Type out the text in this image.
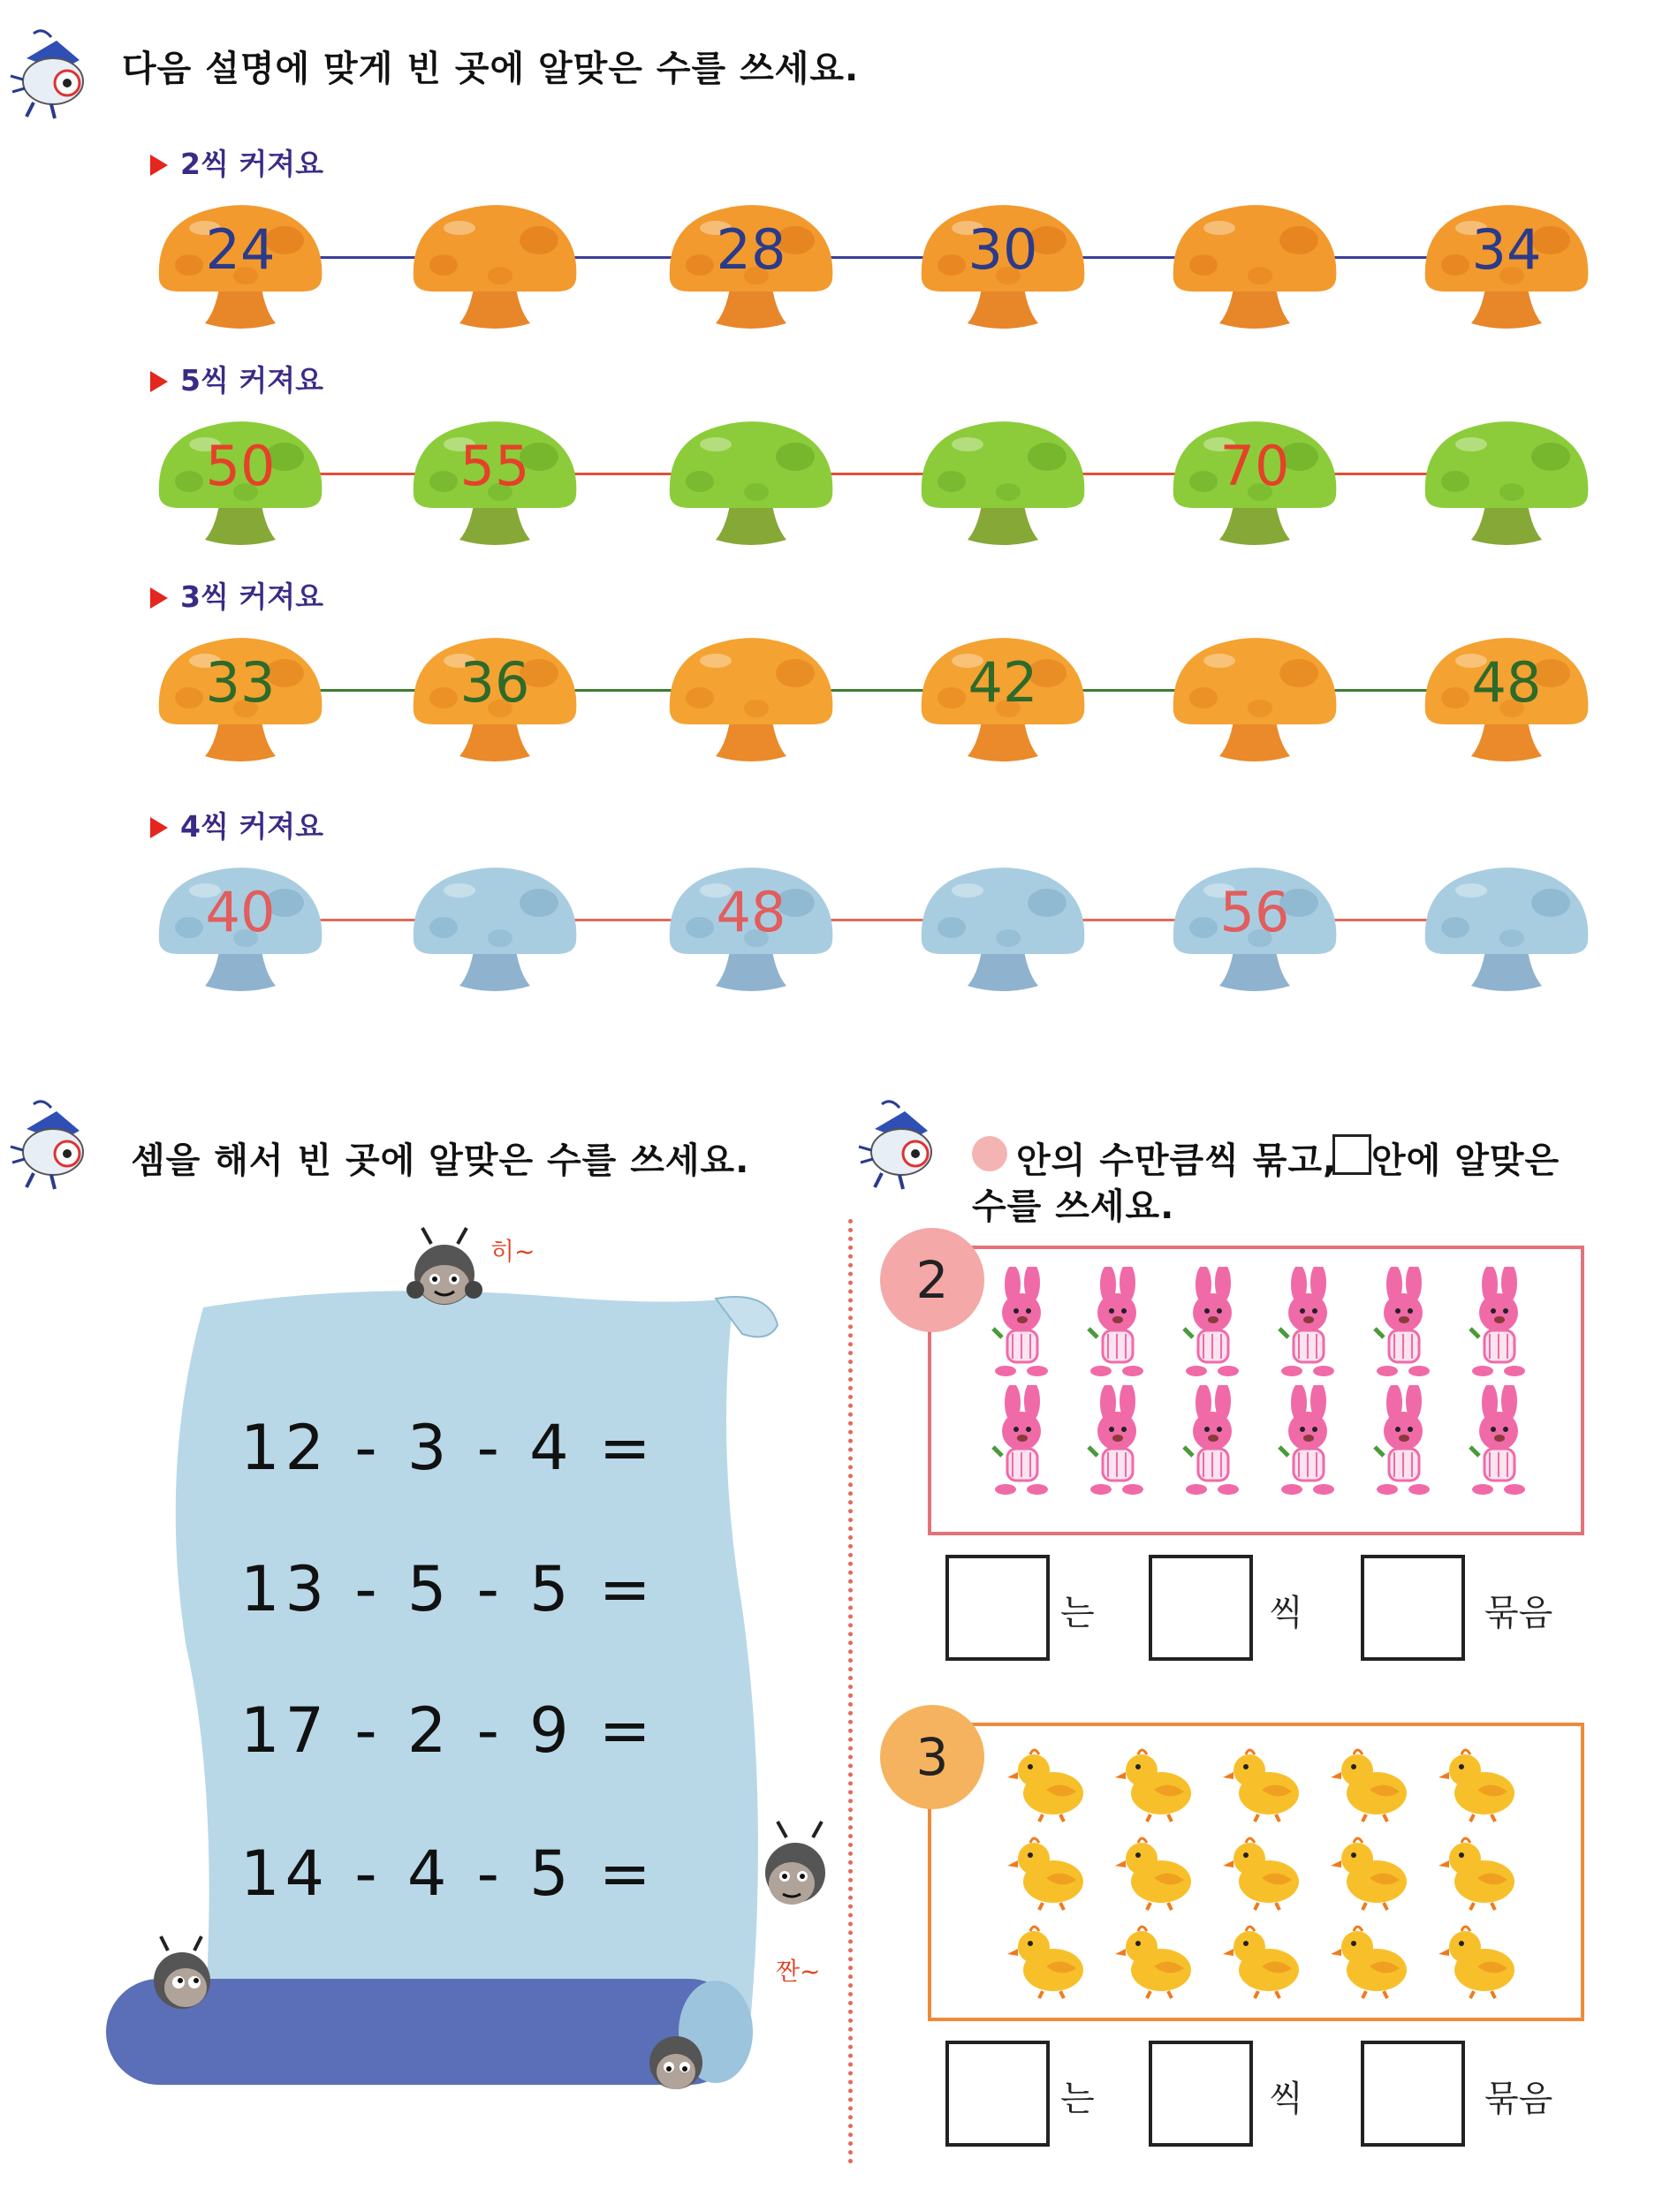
다음 설명에 맞게 빈 곳에 알맞은 수를 쓰세요.
2씩 커져요
24	28	30	34
5씩 커져요
50	55	70
3씩 커져요
33	36	42	48
4씩 커져요
40	48	56
셈을 해서 빈 곳에 알맞은 수를 쓰세요.
히~
짠~
12 - 3 - 4 =
13 - 5 - 5 =
17 - 2 - 9 =
14 - 4 - 5 =
안의 수만큼씩 묶고, 안에 알맞은
수를 쓰세요.
2
는	씩	묶음
3
는	씩	묶음
